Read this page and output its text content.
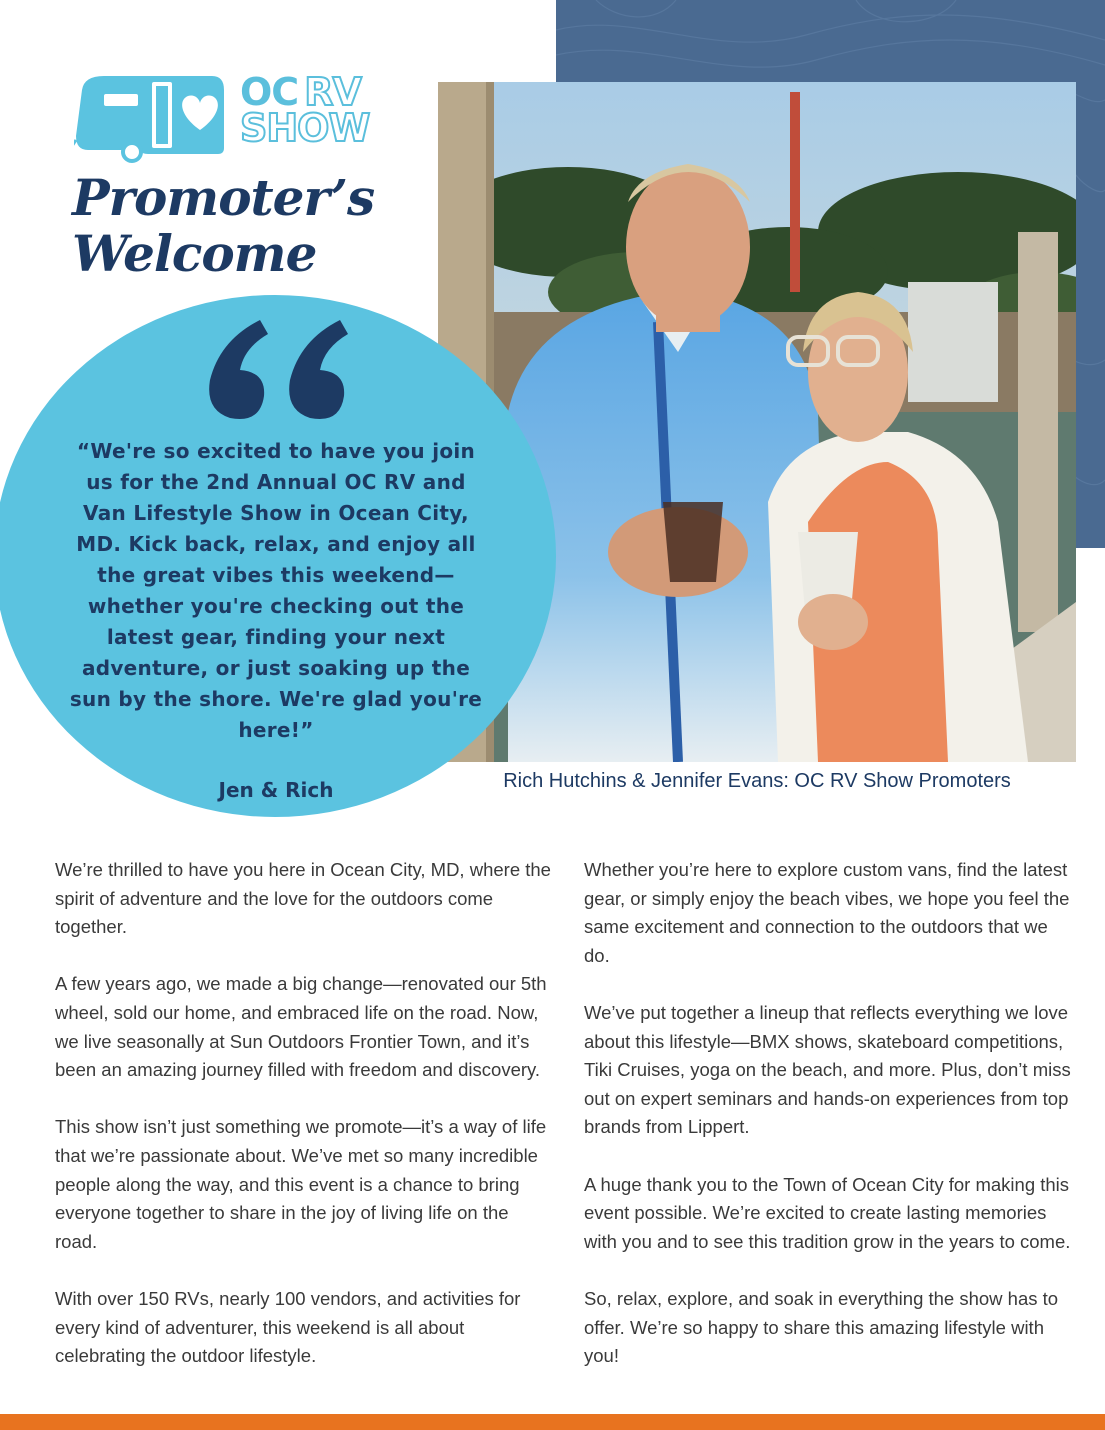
OC RV
SHOW
Promoter’s
Welcome
Rich Hutchins & Jennifer Evans: OC RV Show Promoters
“We're so excited to have you join us for the 2nd Annual OC RV and Van Lifestyle Show in Ocean City, MD. Kick back, relax, and enjoy all the great vibes this weekend—whether you're checking out the latest gear, finding your next adventure, or just soaking up the sun by the shore. We're glad you're here!”
Jen & Rich

We’re thrilled to have you here in Ocean City, MD, where the spirit of adventure and the love for the outdoors come together.

A few years ago, we made a big change—renovated our 5th wheel, sold our home, and embraced life on the road. Now, we live seasonally at Sun Outdoors Frontier Town, and it’s been an amazing journey filled with freedom and discovery.

This show isn’t just something we promote—it’s a way of life that we’re passionate about. We’ve met so many incredible people along the way, and this event is a chance to bring everyone together to share in the joy of living life on the road.

With over 150 RVs, nearly 100 vendors, and activities for every kind of adventurer, this weekend is all about celebrating the outdoor lifestyle.

Whether you’re here to explore custom vans, find the latest gear, or simply enjoy the beach vibes, we hope you feel the same excitement and connection to the outdoors that we do.

We’ve put together a lineup that reflects everything we love about this lifestyle—BMX shows, skateboard competitions, Tiki Cruises, yoga on the beach, and more. Plus, don’t miss out on expert seminars and hands-on experiences from top brands from Lippert.

A huge thank you to the Town of Ocean City for making this event possible. We’re excited to create lasting memories with you and to see this tradition grow in the years to come.

So, relax, explore, and soak in everything the show has to offer. We’re so happy to share this amazing lifestyle with you!
